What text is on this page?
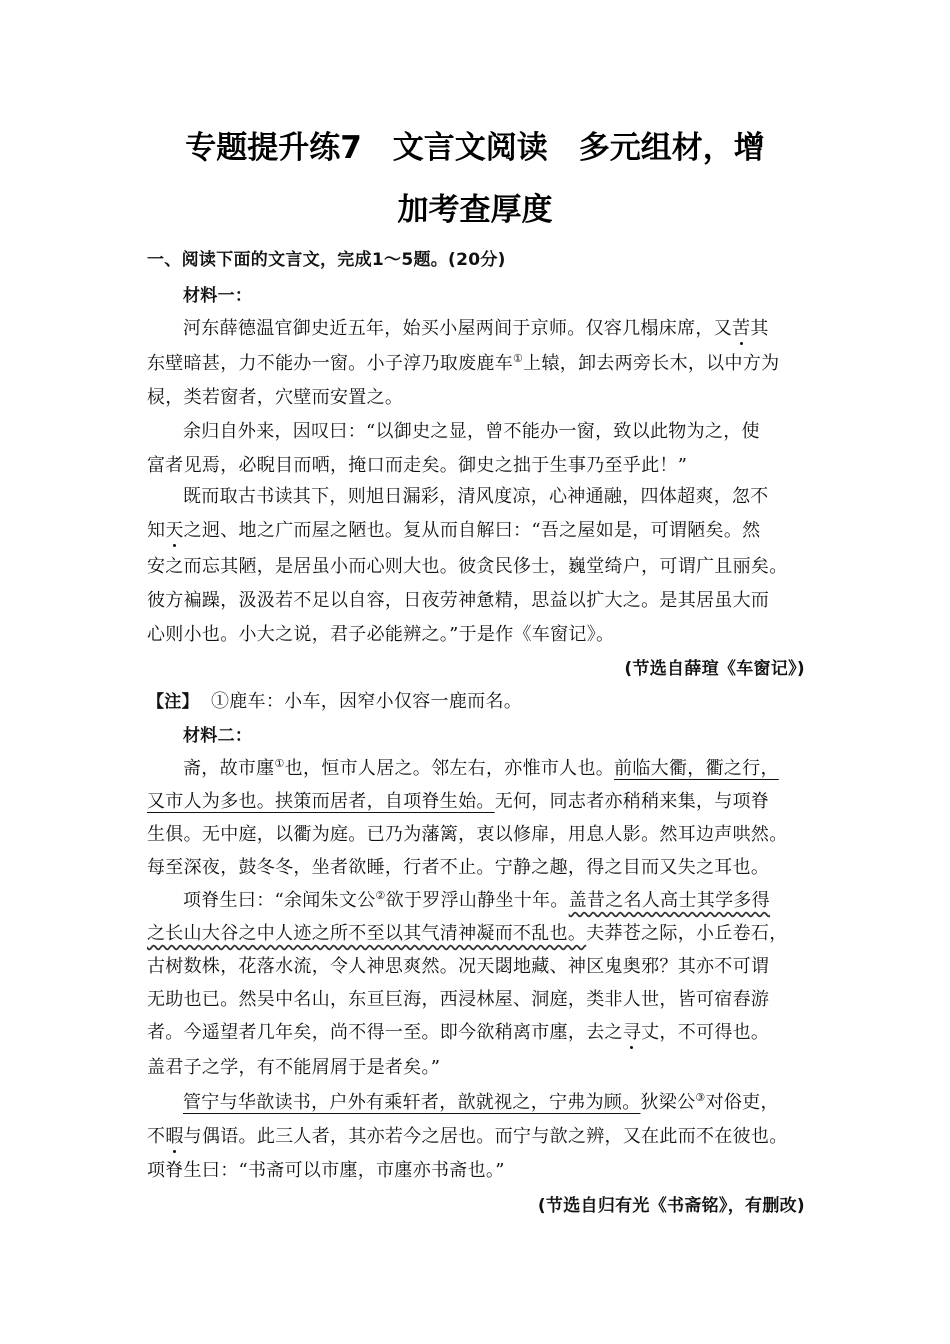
专题提升练7　文言文阅读　多元组材，增
加考查厚度
一、阅读下面的文言文，完成1～5题。(20分)
材料一：
河东薛德温官御史近五年，始买小屋两间于京师。仅容几榻床席，又苦其
东壁暗甚，力不能办一窗。小子淳乃取废鹿车①上辕，卸去两旁长木，以中方为
棂，类若窗者，穴壁而安置之。
余归自外来，因叹曰：“以御史之显，曾不能办一窗，致以此物为之，使
富者见焉，必睨目而哂，掩口而走矣。御史之拙于生事乃至乎此！”
既而取古书读其下，则旭日漏彩，清风度凉，心神通融，四体超爽，忽不
知天之迥、地之广而屋之陋也。复从而自解曰：“吾之屋如是，可谓陋矣。然
安之而忘其陋，是居虽小而心则大也。彼贪民侈士，巍堂绮户，可谓广且丽矣。
彼方褊躁，汲汲若不足以自容，日夜劳神惫精，思益以扩大之。是其居虽大而
心则小也。小大之说，君子必能辨之。”于是作《车窗记》。
(节选自薛瑄《车窗记》)
【注】 ①鹿车：小车，因窄小仅容一鹿而名。
材料二：
斋，故市廛①也，恒市人居之。邻左右，亦惟市人也。前临大衢，衢之行，
又市人为多也。挟策而居者，自项脊生始。无何，同志者亦稍稍来集，与项脊
生俱。无中庭，以衢为庭。已乃为藩篱，衷以修扉，用息人影。然耳边声哄然。
每至深夜，鼓冬冬，坐者欲睡，行者不止。宁静之趣，得之目而又失之耳也。
项脊生曰：“余闻朱文公②欲于罗浮山静坐十年。盖昔之名人高士其学多得
之长山大谷之中人迹之所不至以其气清神凝而不乱也。夫莽苍之际，小丘卷石，
古树数株，花落水流，令人神思爽然。况天閟地藏、神区鬼奥邪？其亦不可谓
无助也已。然吴中名山，东亘巨海，西浸林屋、洞庭，类非人世，皆可宿舂游
者。今遥望者几年矣，尚不得一至。即今欲稍离市廛，去之寻丈，不可得也。
盖君子之学，有不能屑屑于是者矣。”
管宁与华歆读书，户外有乘轩者，歆就视之，宁弗为顾。狄梁公③对俗吏，
不暇与偶语。此三人者，其亦若今之居也。而宁与歆之辨，又在此而不在彼也。
项脊生曰：“书斋可以市廛，市廛亦书斋也。”
(节选自归有光《书斋铭》，有删改)
